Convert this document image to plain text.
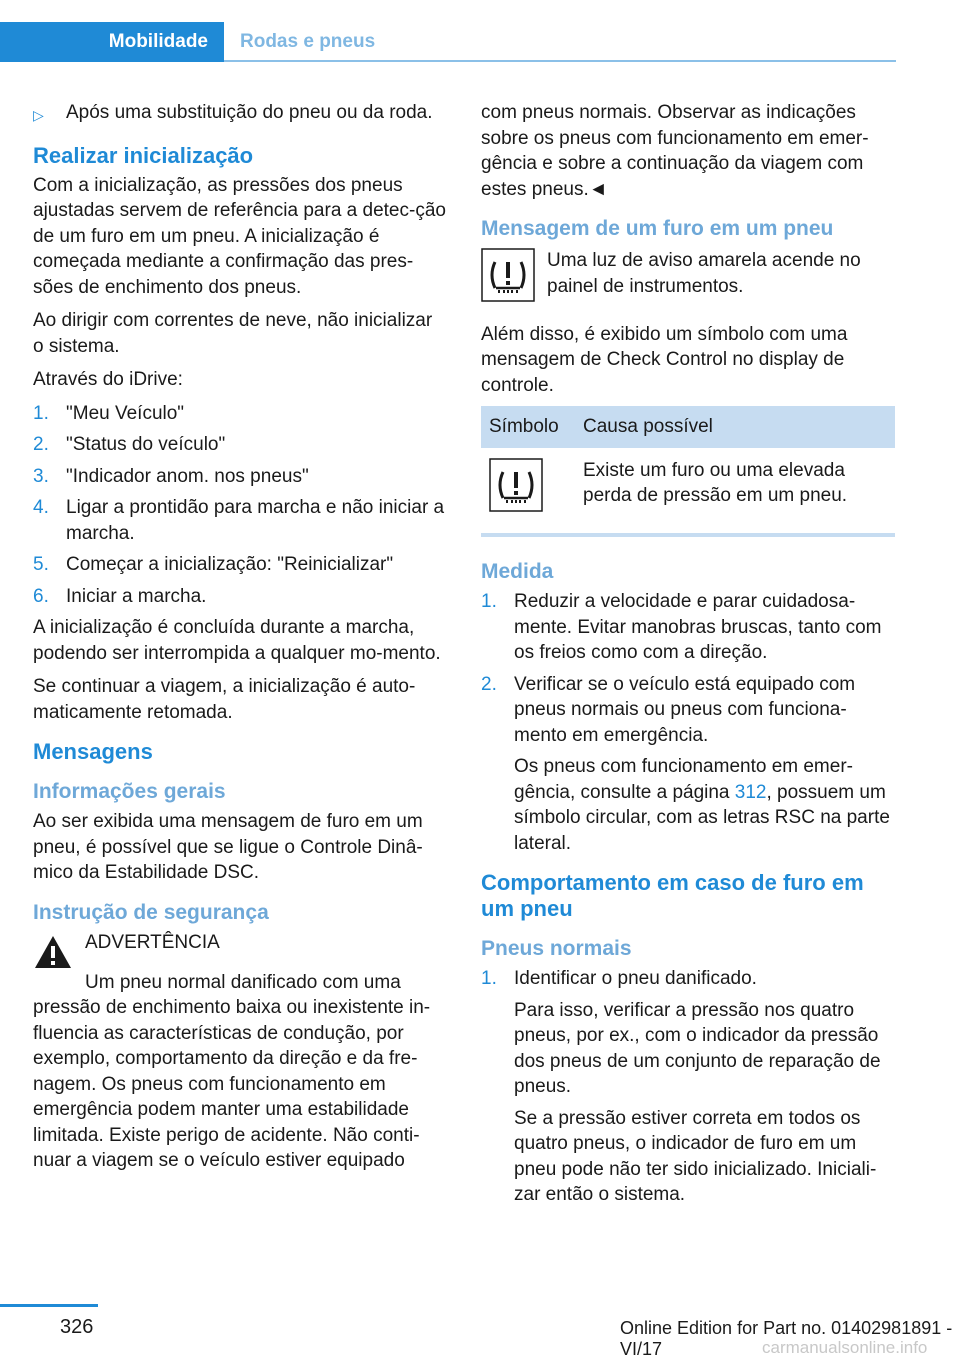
Mobilidade	Rodas e pneus
▷	Após uma substituição do pneu ou da roda.
Realizar inicialização

Com a inicialização, as pressões dos pneus ajustadas servem de referência para a detec-ção de um furo em um pneu. A inicialização é começada mediante a confirmação das pres-sões de enchimento dos pneus.

Ao dirigir com correntes de neve, não inicializar o sistema.

Através do iDrive:

1. "Meu Veículo"
2. "Status do veículo"
3. "Indicador anom. nos pneus"
4. Ligar a prontidão para marcha e não iniciar a marcha.
5. Começar a inicialização: "Reinicializar"
6. Iniciar a marcha.

A inicialização é concluída durante a marcha, podendo ser interrompida a qualquer mo-mento.

Se continuar a viagem, a inicialização é auto-maticamente retomada.

Mensagens
Informações gerais

Ao ser exibida uma mensagem de furo em um pneu, é possível que se ligue o Controle Dinâ-mico da Estabilidade DSC.

Instrução de segurança
ADVERTÊNCIA
Um pneu normal danificado com uma pressão de enchimento baixa ou inexistente in-fluencia as características de condução, por exemplo, comportamento da direção e da fre-nagem. Os pneus com funcionamento em emergência podem manter uma estabilidade limitada. Existe perigo de acidente. Não conti-nuar a viagem se o veículo estiver equipado

com pneus normais. Observar as indicações sobre os pneus com funcionamento em emer-gência e sobre a continuação da viagem com estes pneus.◄

Mensagem de um furo em um pneu
Uma luz de aviso amarela acende no painel de instrumentos.

Além disso, é exibido um símbolo com uma mensagem de Check Control no display de controle.

Símbolo	Causa possível
	Existe um furo ou uma elevada perda de pressão em um pneu.
Medida
1. Reduzir a velocidade e parar cuidadosa-mente. Evitar manobras bruscas, tanto com os freios como com a direção.
2. Verificar se o veículo está equipado com pneus normais ou pneus com funciona-mento em emergência.
Os pneus com funcionamento em emer-gência, consulte a página 312, possuem um símbolo circular, com as letras RSC na parte lateral.
Comportamento em caso de furo em um pneu
Pneus normais
1. Identificar o pneu danificado.
Para isso, verificar a pressão nos quatro pneus, por ex., com o indicador da pressão dos pneus de um conjunto de reparação de pneus.
Se a pressão estiver correta em todos os quatro pneus, o indicador de furo em um pneu pode não ter sido inicializado. Iniciali-zar então o sistema.
326	Online Edition for Part no. 01402981891 - VI/17	carmanualsonline.info
